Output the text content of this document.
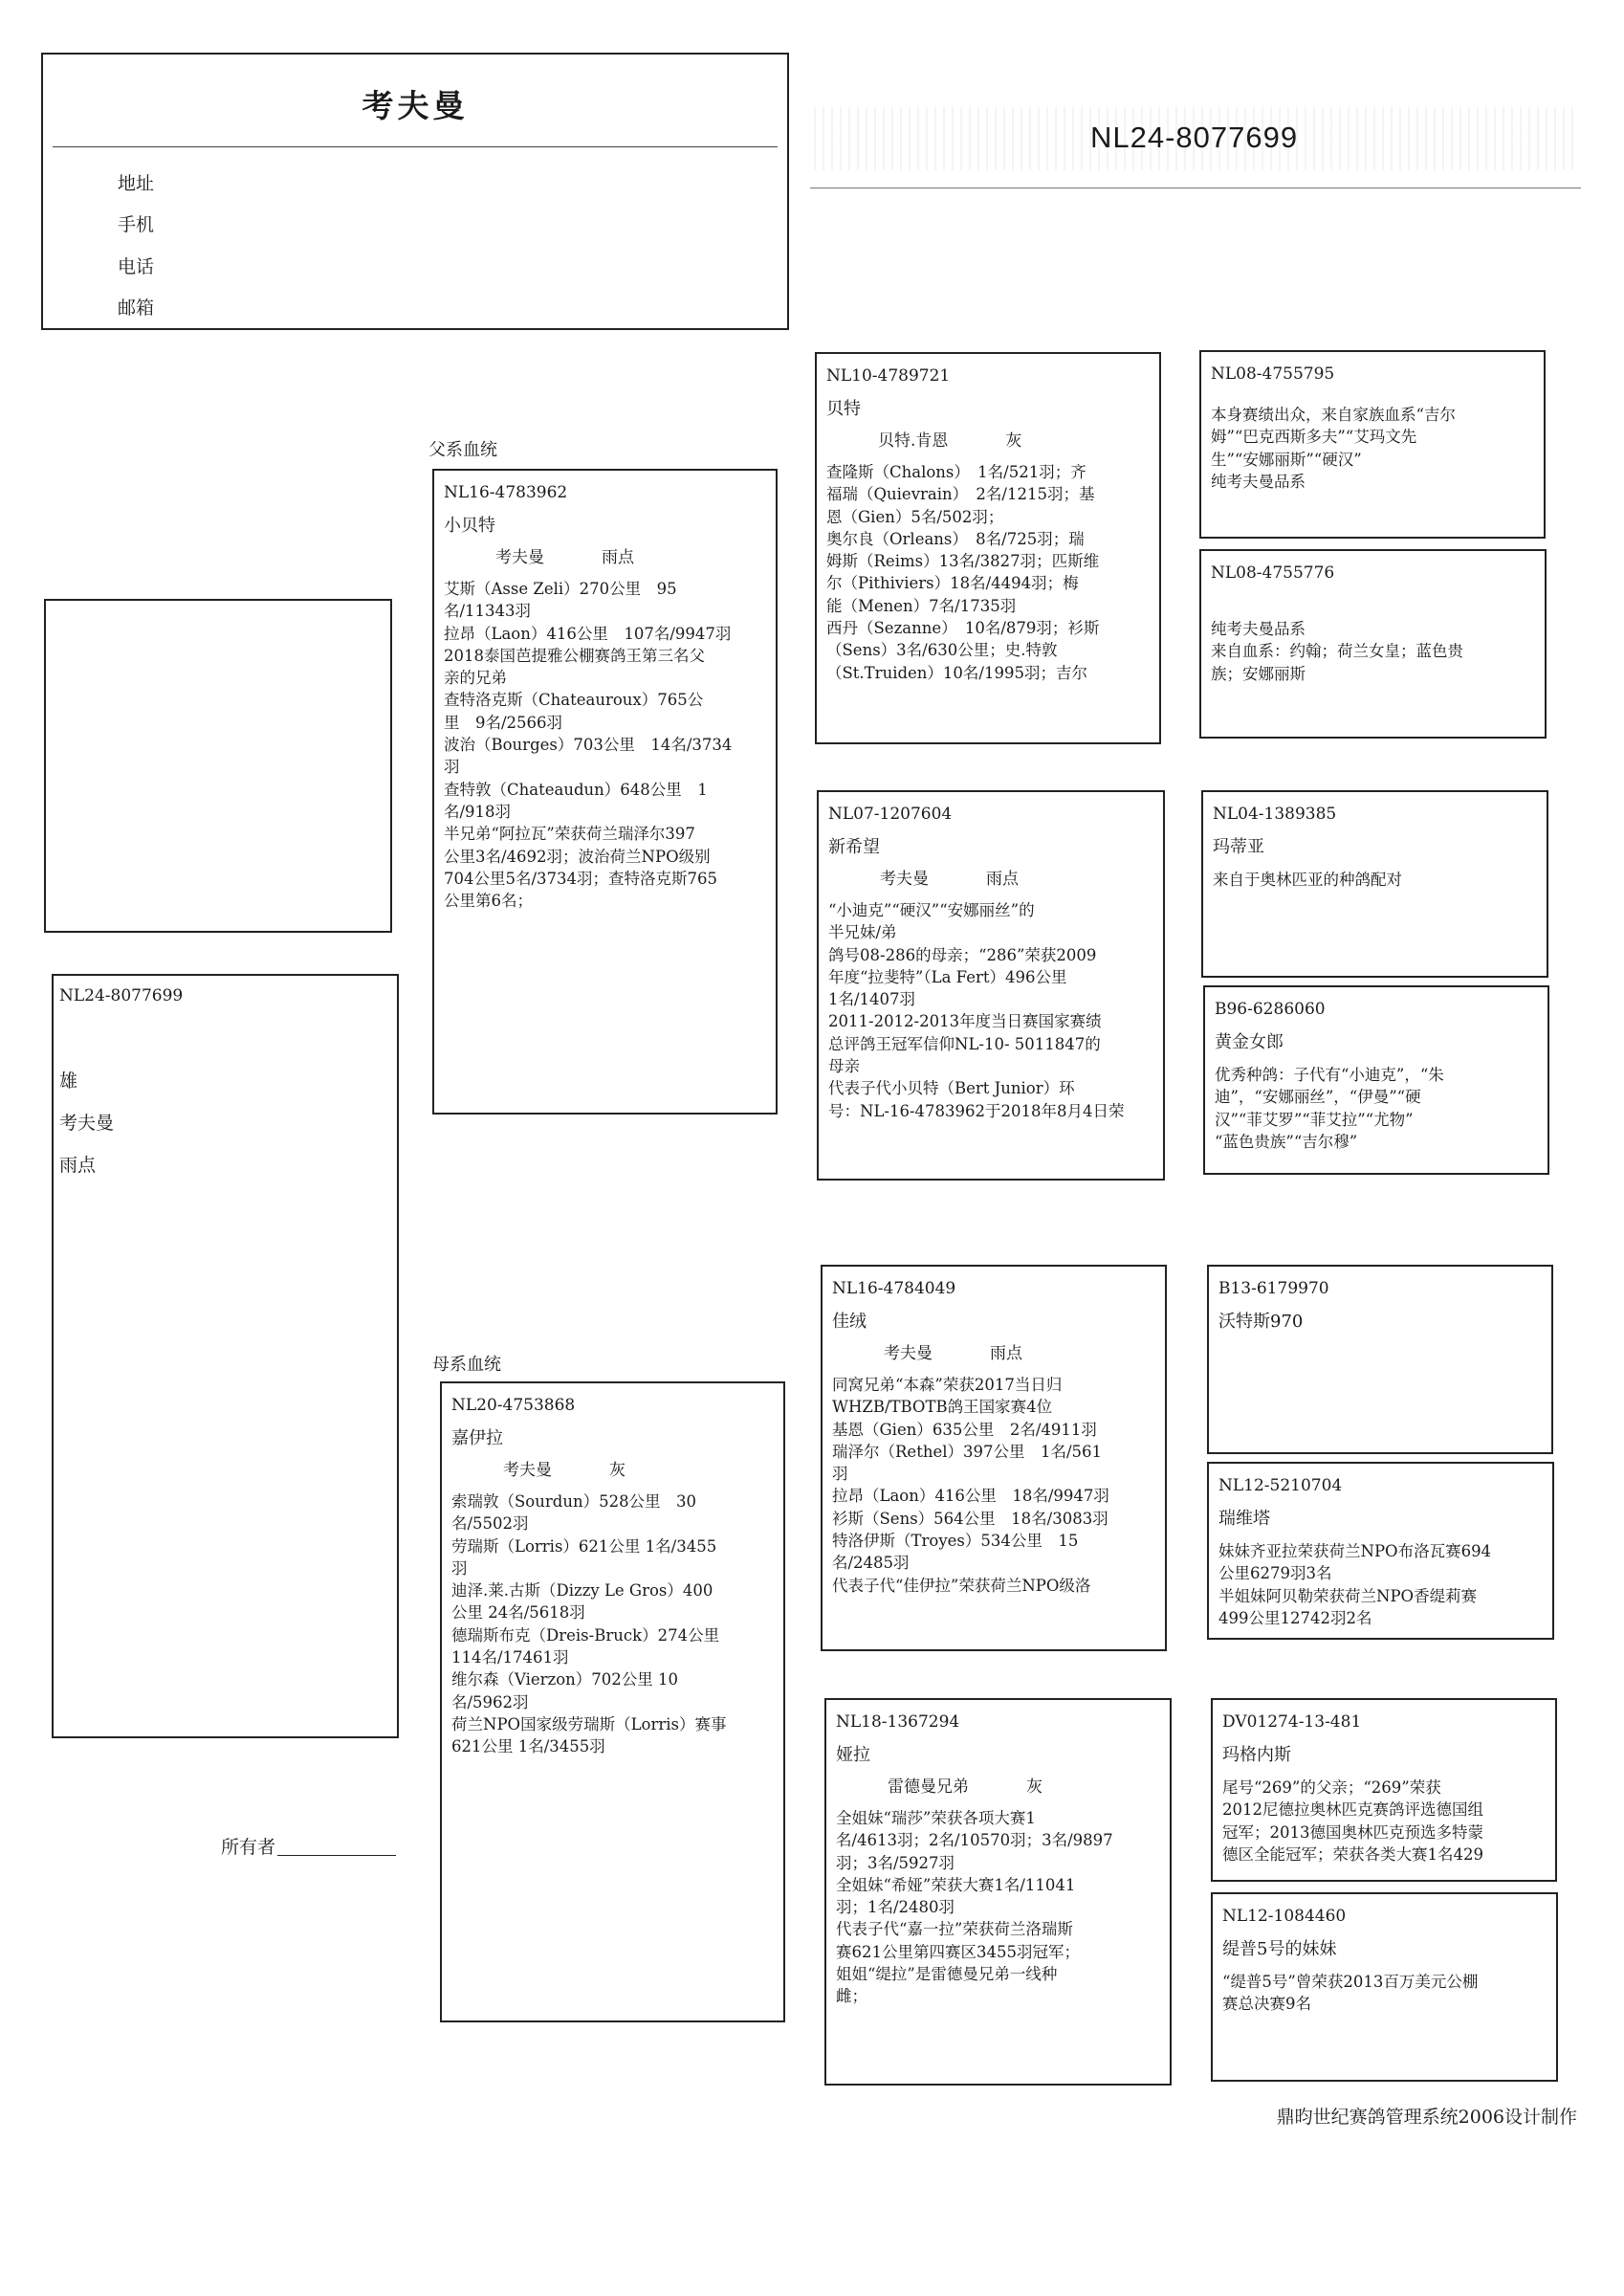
考夫曼
地址
手机
电话
邮箱
NL24-8077699
NL24-8077699
雄
考夫曼
雨点
所有者
父系血统
母系血统
NL16-4783962
小贝特
考夫曼	雨点
艾斯（Asse Zeli）270公里　95
名/11343羽
拉昂（Laon）416公里　107名/9947羽
2018泰国芭提雅公棚赛鸽王第三名父
亲的兄弟
查特洛克斯（Chateauroux）765公
里　9名/2566羽
波治（Bourges）703公里　14名/3734
羽
查特敦（Chateaudun）648公里　1
名/918羽
半兄弟“阿拉瓦”荣获荷兰瑞泽尔397
公里3名/4692羽；波治荷兰NPO级别
704公里5名/3734羽；查特洛克斯765
公里第6名；
NL20-4753868
嘉伊拉
考夫曼	灰
索瑞敦（Sourdun）528公里　30
名/5502羽
劳瑞斯（Lorris）621公里 1名/3455
羽
迪泽.莱.古斯（Dizzy Le Gros）400
公里 24名/5618羽
德瑞斯布克（Dreis-Bruck）274公里
114名/17461羽
维尔森（Vierzon）702公里 10
名/5962羽
荷兰NPO国家级劳瑞斯（Lorris）赛事
621公里 1名/3455羽
NL10-4789721
贝特
贝特.肯恩	灰
查隆斯（Chalons）　1名/521羽；齐
福瑞（Quievrain）　2名/1215羽；基
恩（Gien）5名/502羽；
奥尔良（Orleans）　8名/725羽；瑞
姆斯（Reims）13名/3827羽；匹斯维
尔（Pithiviers）18名/4494羽；梅
能（Menen）7名/1735羽
西丹（Sezanne）　10名/879羽；衫斯
（Sens）3名/630公里；史.特敦
（St.Truiden）10名/1995羽；吉尔
NL07-1207604
新希望
考夫曼	雨点
“小迪克”“硬汉”“安娜丽丝”的
半兄妹/弟
鸽号08-286的母亲；“286”荣获2009
年度“拉斐特”（La Fert）496公里
1名/1407羽
2011-2012-2013年度当日赛国家赛绩
总评鸽王冠军信仰NL-10- 5011847的
母亲
代表子代小贝特（Bert Junior）环
号：NL-16-4783962于2018年8月4日荣
NL16-4784049
佳绒
考夫曼	雨点
同窝兄弟“本森”荣获2017当日归
WHZB/TBOTB鸽王国家赛4位
基恩（Gien）635公里　2名/4911羽
瑞泽尔（Rethel）397公里　1名/561
羽
拉昂（Laon）416公里　18名/9947羽
衫斯（Sens）564公里　18名/3083羽
特洛伊斯（Troyes）534公里　15
名/2485羽
代表子代“佳伊拉”荣获荷兰NPO级洛
NL18-1367294
娅拉
雷德曼兄弟	灰
全姐妹“瑞莎”荣获各项大赛1
名/4613羽；2名/10570羽；3名/9897
羽；3名/5927羽
全姐妹“希娅”荣获大赛1名/11041
羽；1名/2480羽
代表子代“嘉一拉”荣获荷兰洛瑞斯
赛621公里第四赛区3455羽冠军；
姐姐“缇拉”是雷德曼兄弟一线种
雌；
NL08-4755795
本身赛绩出众，来自家族血系“吉尔
姆”“巴克西斯多夫”“艾玛文先
生”“安娜丽斯”“硬汉”
纯考夫曼品系
NL08-4755776
纯考夫曼品系
来自血系：约翰；荷兰女皇；蓝色贵
族；安娜丽斯
NL04-1389385
玛蒂亚
来自于奥林匹亚的种鸽配对
B96-6286060
黄金女郎
优秀种鸽：子代有“小迪克”，“朱
迪”，“安娜丽丝”，“伊曼”“硬
汉”“菲艾罗”“菲艾拉”“尤物”
“蓝色贵族”“吉尔穆”
B13-6179970
沃特斯970
NL12-5210704
瑞维塔
妹妹齐亚拉荣获荷兰NPO布洛瓦赛694
公里6279羽3名
半姐妹阿贝勒荣获荷兰NPO香缇莉赛
499公里12742羽2名
DV01274-13-481
玛格内斯
尾号“269”的父亲；“269”荣获
2012尼德拉奥林匹克赛鸽评选德国组
冠军；2013德国奥林匹克预选多特蒙
德区全能冠军；荣获各类大赛1名429
NL12-1084460
缇普5号的妹妹
“缇普5号”曾荣获2013百万美元公棚
赛总决赛9名
鼎昀世纪赛鸽管理系统2006设计制作
